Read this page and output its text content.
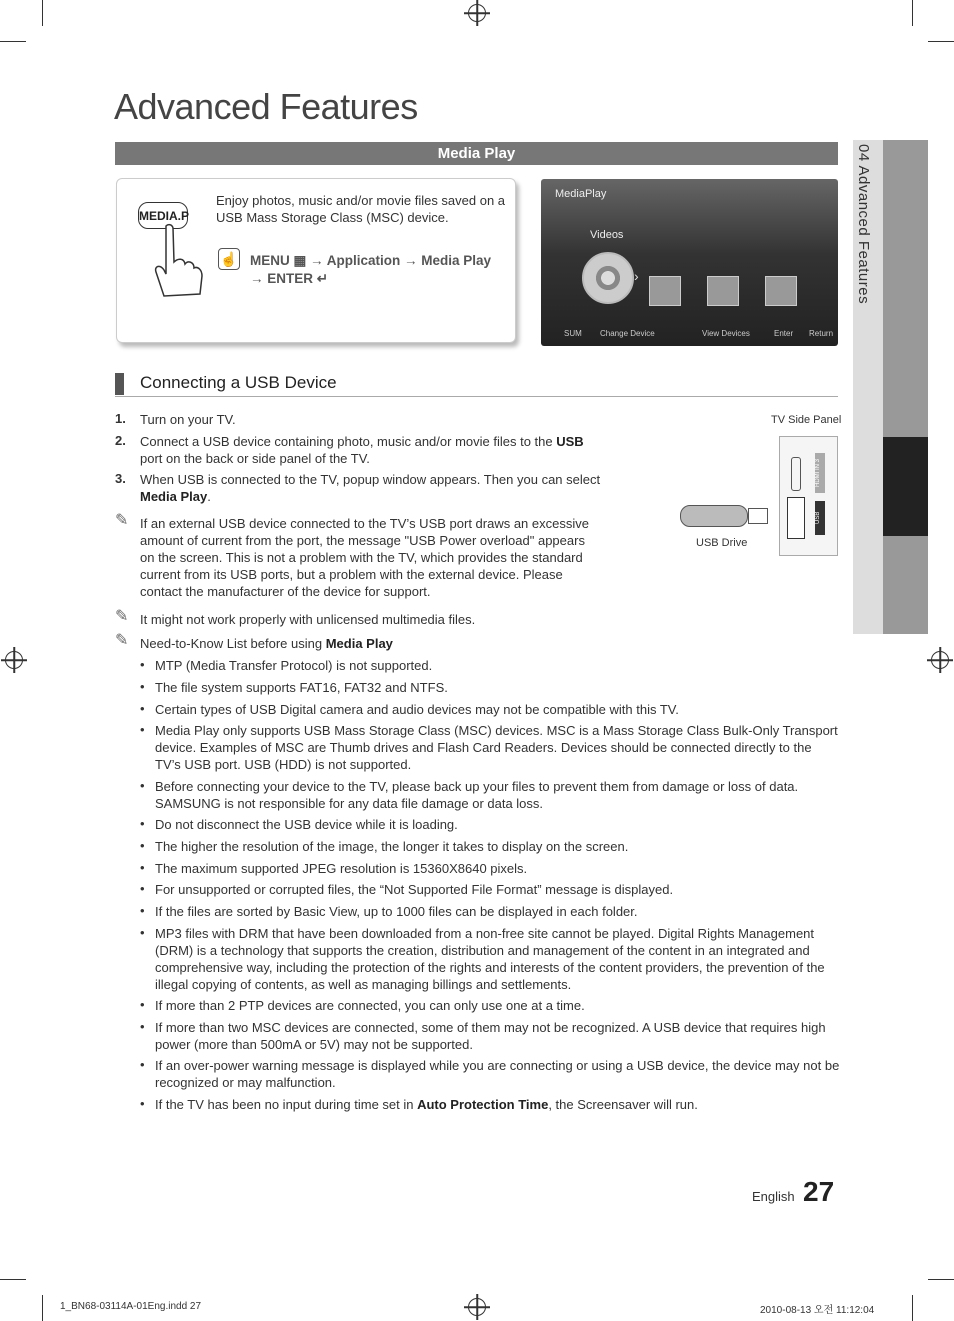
04 Advanced Features
Advanced Features
Media Play
MEDIA.P
Enjoy photos, music and/or movie files saved on a USB Mass Storage Class (MSC) device.
☝ MENU ▦ → Application → Media Play
→ ENTER ↵
MediaPlay
Videos
›
SUM Change Device	View Devices	Enter Return
Connecting a USB Device
1. Turn on your TV.
2. Connect a USB device containing photo, music and/or movie files to the USB port on the back or side panel of the TV.
3. When USB is connected to the TV, popup window appears. Then you can select Media Play.
✎ If an external USB device connected to the TV’s USB port draws an excessive amount of current from the port, the message "USB Power overload" appears on the screen. This is not a problem with the TV, which provides the standard current from its USB ports, but a problem with the external device. Please contact the manufacturer of the device for support.
✎ It might not work properly with unlicensed multimedia files.
✎ Need-to-Know List before using Media Play
TV Side Panel
HDMI IN 3
USB
USB Drive
• MTP (Media Transfer Protocol) is not supported.
• The file system supports FAT16, FAT32 and NTFS.
• Certain types of USB Digital camera and audio devices may not be compatible with this TV.
• Media Play only supports USB Mass Storage Class (MSC) devices. MSC is a Mass Storage Class Bulk-Only Transport device. Examples of MSC are Thumb drives and Flash Card Readers. Devices should be connected directly to the TV’s USB port. USB (HDD) is not supported.
• Before connecting your device to the TV, please back up your files to prevent them from damage or loss of data. SAMSUNG is not responsible for any data file damage or data loss.
• Do not disconnect the USB device while it is loading.
• The higher the resolution of the image, the longer it takes to display on the screen.
• The maximum supported JPEG resolution is 15360X8640 pixels.
• For unsupported or corrupted files, the “Not Supported File Format” message is displayed.
• If the files are sorted by Basic View, up to 1000 files can be displayed in each folder.
• MP3 files with DRM that have been downloaded from a non-free site cannot be played. Digital Rights Management (DRM) is a technology that supports the creation, distribution and management of the content in an integrated and comprehensive way, including the protection of the rights and interests of the content providers, the prevention of the illegal copying of contents, as well as managing billings and settlements.
• If more than 2 PTP devices are connected, you can only use one at a time.
• If more than two MSC devices are connected, some of them may not be recognized. A USB device that requires high power (more than 500mA or 5V) may not be supported.
• If an over-power warning message is displayed while you are connecting or using a USB device, the device may not be recognized or may malfunction.
• If the TV has been no input during time set in Auto Protection Time, the Screensaver will run.
English 27
1_BN68-03114A-01Eng.indd 27	2010-08-13 오전 11:12:04
